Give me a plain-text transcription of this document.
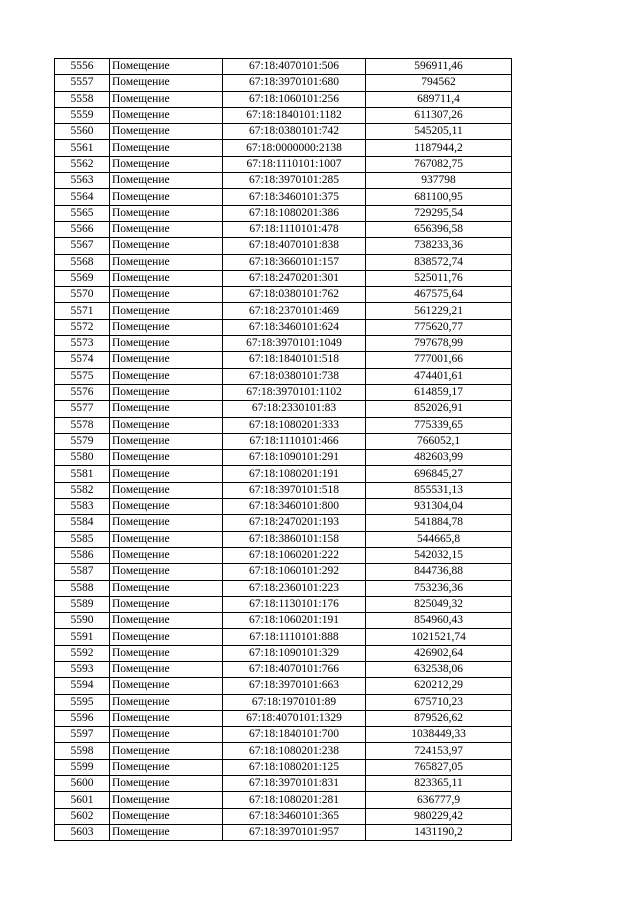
5556	Помещение	67:18:4070101:506	596911,46
5557	Помещение	67:18:3970101:680	794562
5558	Помещение	67:18:1060101:256	689711,4
5559	Помещение	67:18:1840101:1182	611307,26
5560	Помещение	67:18:0380101:742	545205,11
5561	Помещение	67:18:0000000:2138	1187944,2
5562	Помещение	67:18:1110101:1007	767082,75
5563	Помещение	67:18:3970101:285	937798
5564	Помещение	67:18:3460101:375	681100,95
5565	Помещение	67:18:1080201:386	729295,54
5566	Помещение	67:18:1110101:478	656396,58
5567	Помещение	67:18:4070101:838	738233,36
5568	Помещение	67:18:3660101:157	838572,74
5569	Помещение	67:18:2470201:301	525011,76
5570	Помещение	67:18:0380101:762	467575,64
5571	Помещение	67:18:2370101:469	561229,21
5572	Помещение	67:18:3460101:624	775620,77
5573	Помещение	67:18:3970101:1049	797678,99
5574	Помещение	67:18:1840101:518	777001,66
5575	Помещение	67:18:0380101:738	474401,61
5576	Помещение	67:18:3970101:1102	614859,17
5577	Помещение	67:18:2330101:83	852026,91
5578	Помещение	67:18:1080201:333	775339,65
5579	Помещение	67:18:1110101:466	766052,1
5580	Помещение	67:18:1090101:291	482603,99
5581	Помещение	67:18:1080201:191	696845,27
5582	Помещение	67:18:3970101:518	855531,13
5583	Помещение	67:18:3460101:800	931304,04
5584	Помещение	67:18:2470201:193	541884,78
5585	Помещение	67:18:3860101:158	544665,8
5586	Помещение	67:18:1060201:222	542032,15
5587	Помещение	67:18:1060101:292	844736,88
5588	Помещение	67:18:2360101:223	753236,36
5589	Помещение	67:18:1130101:176	825049,32
5590	Помещение	67:18:1060201:191	854960,43
5591	Помещение	67:18:1110101:888	1021521,74
5592	Помещение	67:18:1090101:329	426902,64
5593	Помещение	67:18:4070101:766	632538,06
5594	Помещение	67:18:3970101:663	620212,29
5595	Помещение	67:18:1970101:89	675710,23
5596	Помещение	67:18:4070101:1329	879526,62
5597	Помещение	67:18:1840101:700	1038449,33
5598	Помещение	67:18:1080201:238	724153,97
5599	Помещение	67:18:1080201:125	765827,05
5600	Помещение	67:18:3970101:831	823365,11
5601	Помещение	67:18:1080201:281	636777,9
5602	Помещение	67:18:3460101:365	980229,42
5603	Помещение	67:18:3970101:957	1431190,2
